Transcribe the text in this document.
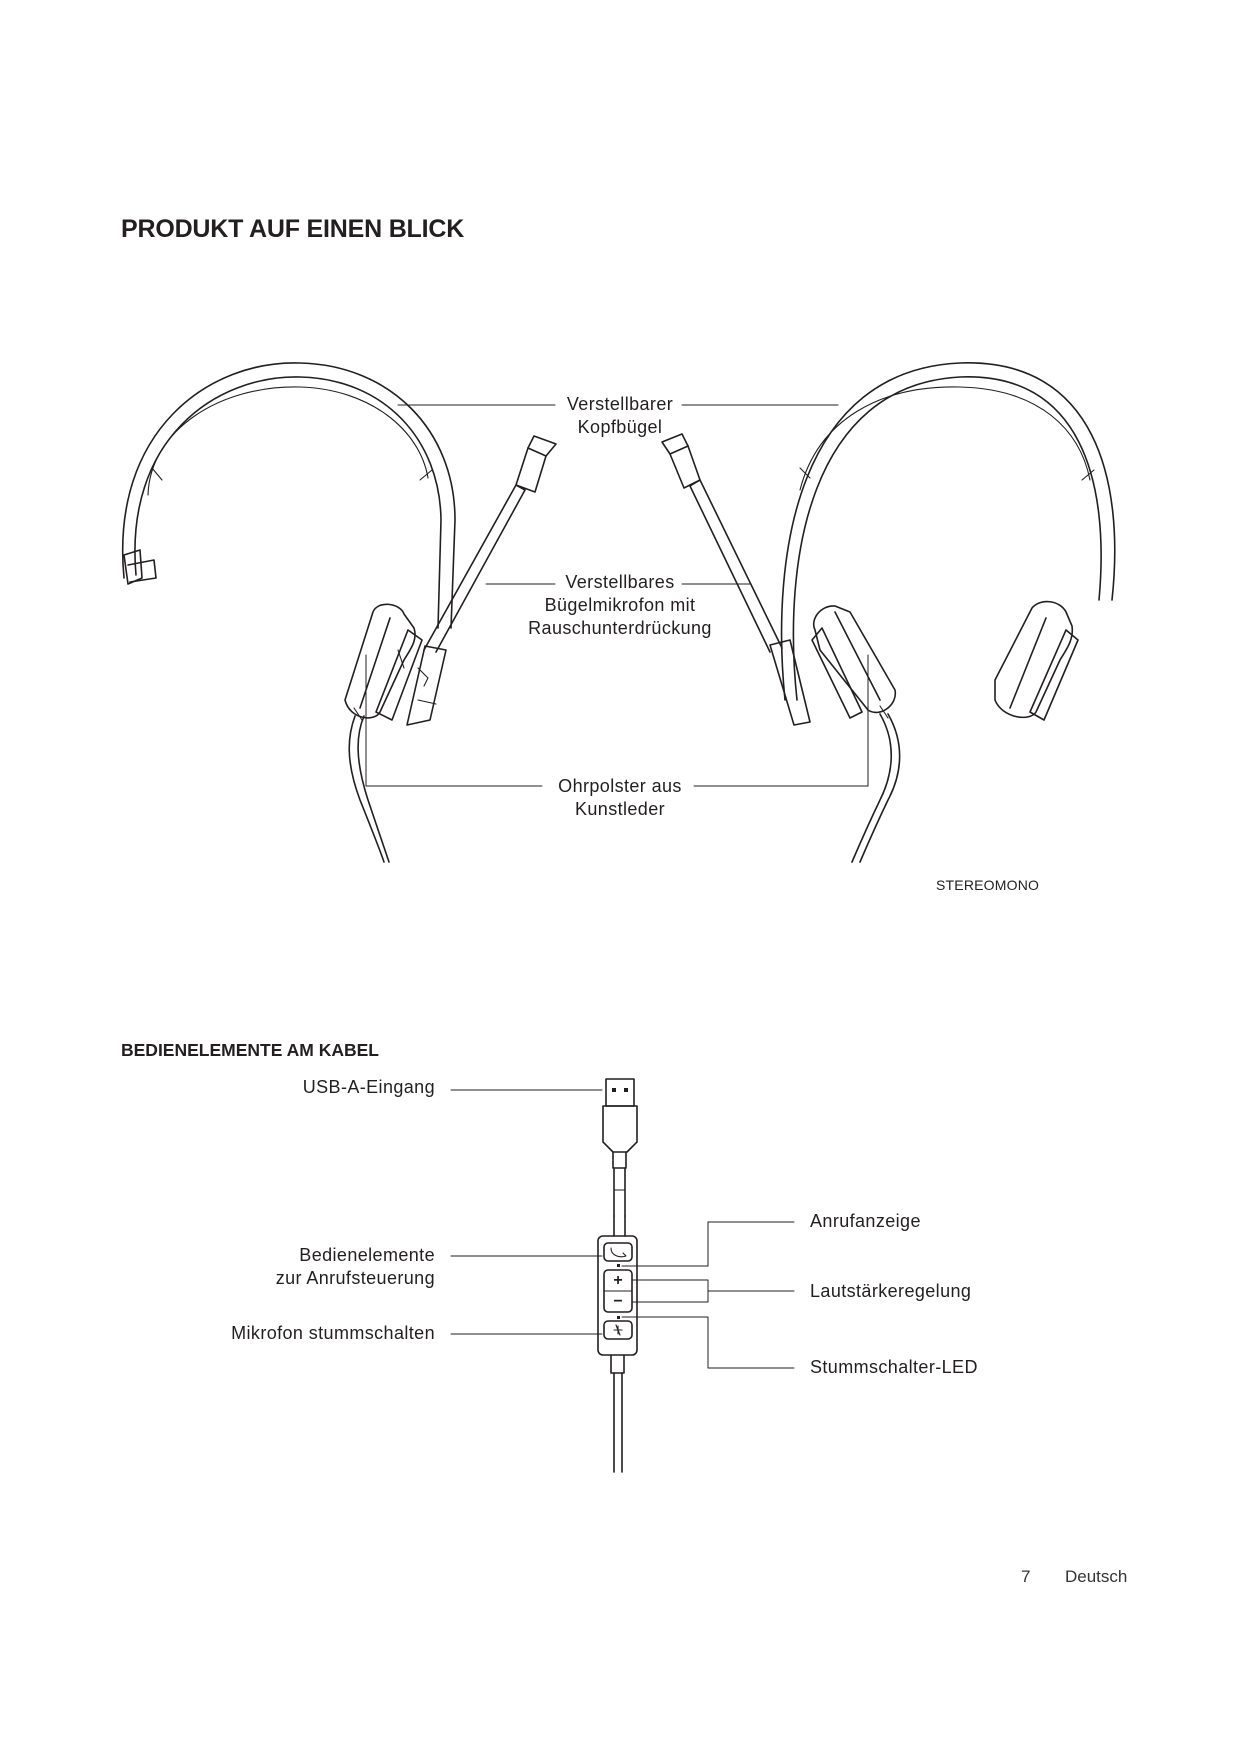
PRODUKT AUF EINEN BLICK
Verstellbarer
Kopfbügel
Verstellbares
Bügelmikrofon mit
Rauschunterdrückung
Ohrpolster aus
Kunstleder
STEREOMONO
BEDIENELEMENTE AM KABEL
USB-A-Eingang
Bedienelemente
zur Anrufsteuerung
Mikrofon stummschalten
Anrufanzeige
Lautstärkeregelung
Stummschalter-LED
+
−
7 Deutsch
